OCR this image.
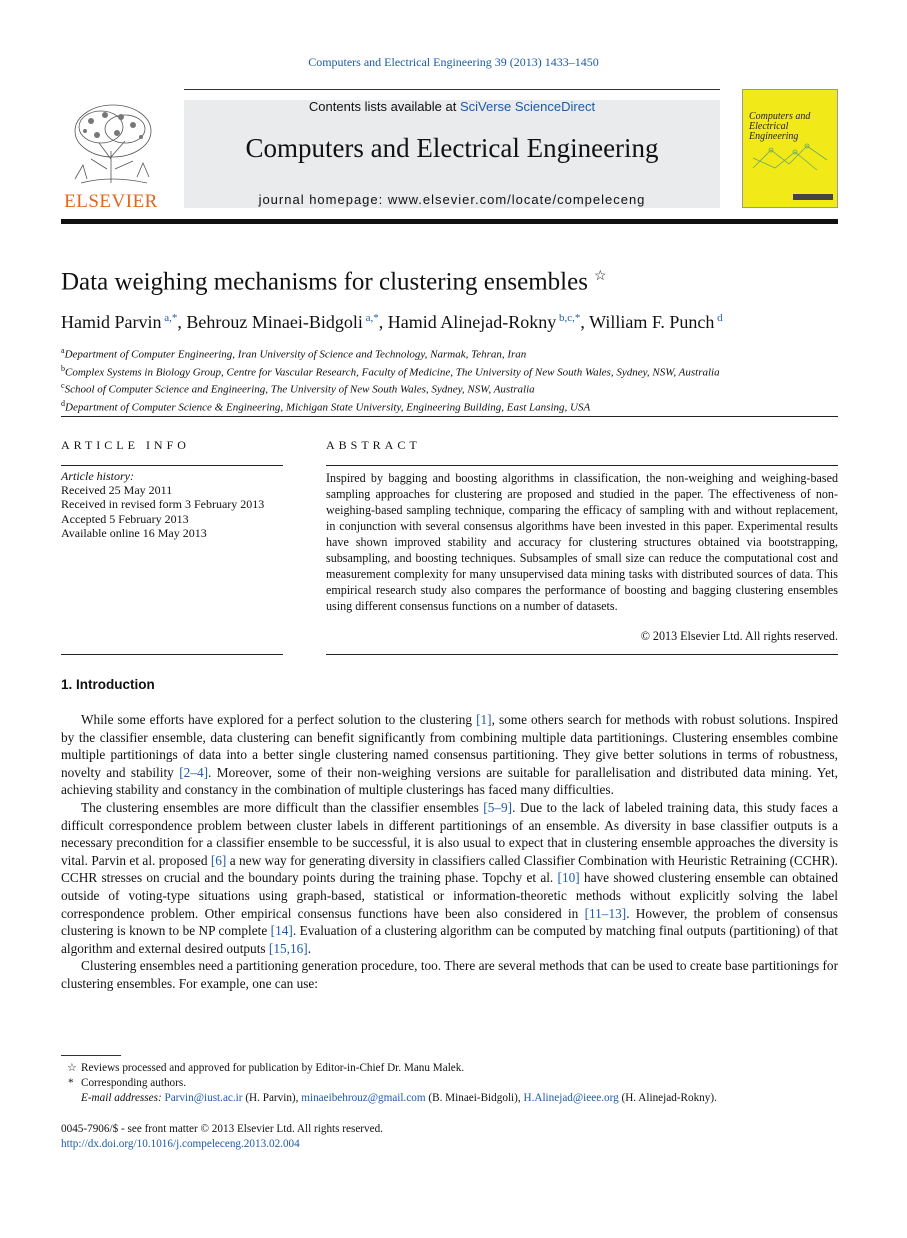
Computers and Electrical Engineering 39 (2013) 1433–1450
ELSEVIER
Contents lists available at SciVerse ScienceDirect
Computers and Electrical Engineering
journal homepage: www.elsevier.com/locate/compeleceng
Computers and Electrical Engineering
Data weighing mechanisms for clustering ensembles ☆
Hamid Parvin $^{a,*}$, Behrouz Minaei-Bidgoli $^{a,*}$, Hamid Alinejad-Rokny $^{b,c,*}$, William F. Punch $^d$
$^a$Department of Computer Engineering, Iran University of Science and Technology, Narmak, Tehran, Iran
$^b$Complex Systems in Biology Group, Centre for Vascular Research, Faculty of Medicine, The University of New South Wales, Sydney, NSW, Australia
$^c$School of Computer Science and Engineering, The University of New South Wales, Sydney, NSW, Australia
$^d$Department of Computer Science & Engineering, Michigan State University, Engineering Building, East Lansing, USA
ARTICLE INFO
Article history:
Received 25 May 2011
Received in revised form 3 February 2013
Accepted 5 February 2013
Available online 16 May 2013
ABSTRACT
Inspired by bagging and boosting algorithms in classification, the non-weighing and weighing-based sampling approaches for clustering are proposed and studied in the paper. The effectiveness of non-weighing-based sampling technique, comparing the efficacy of sampling with and without replacement, in conjunction with several consensus algorithms have been invested in this paper. Experimental results have shown improved stability and accuracy for clustering structures obtained via bootstrapping, subsampling, and boosting techniques. Subsamples of small size can reduce the computational cost and measurement complexity for many unsupervised data mining tasks with distributed sources of data. This empirical research study also compares the performance of boosting and bagging clustering ensembles using different consensus functions on a number of datasets.
© 2013 Elsevier Ltd. All rights reserved.
1. Introduction

While some efforts have explored for a perfect solution to the clustering [1], some others search for methods with robust solutions. Inspired by the classifier ensemble, data clustering can benefit significantly from combining multiple data partitionings. Clustering ensembles combine multiple partitionings of data into a better single clustering named consensus partitioning. They give better solutions in terms of robustness, novelty and stability [2–4]. Moreover, some of their non-weighing versions are suitable for parallelisation and distributed data mining. Yet, achieving stability and constancy in the combination of multiple clusterings has faced many difficulties.

The clustering ensembles are more difficult than the classifier ensembles [5–9]. Due to the lack of labeled training data, this study faces a difficult correspondence problem between cluster labels in different partitionings of an ensemble. As diversity in base classifier outputs is a necessary precondition for a classifier ensemble to be successful, it is also usual to expect that in clustering ensemble approaches the diversity is vital. Parvin et al. proposed [6] a new way for generating diversity in classifiers called Classifier Combination with Heuristic Retraining (CCHR). CCHR stresses on crucial and the boundary points during the training phase. Topchy et al. [10] have showed clustering ensemble can obtained outside of voting-type situations using graph-based, statistical or information-theoretic methods without explicitly solving the label correspondence problem. Other empirical consensus functions have been also considered in [11–13]. However, the problem of consensus clustering is known to be NP complete [14]. Evaluation of a clustering algorithm can be computed by matching final outputs (partitioning) of that algorithm and external desired outputs [15,16].

Clustering ensembles need a partitioning generation procedure, too. There are several methods that can be used to create base partitionings for clustering ensembles. For example, one can use:

☆ Reviews processed and approved for publication by Editor-in-Chief Dr. Manu Malek.
* Corresponding authors.
E-mail addresses: Parvin@iust.ac.ir (H. Parvin), minaeibehrouz@gmail.com (B. Minaei-Bidgoli), H.Alinejad@ieee.org (H. Alinejad-Rokny).
0045-7906/$ - see front matter © 2013 Elsevier Ltd. All rights reserved.
http://dx.doi.org/10.1016/j.compeleceng.2013.02.004
